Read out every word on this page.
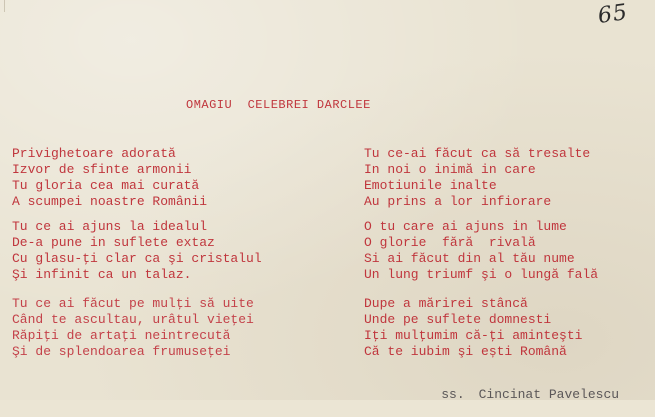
65
OMAGIU  CELEBREI DARCLEE
Privighetoare adorată
Izvor de sfinte armonii
Tu gloria cea mai curată
A scumpei noastre Românii
Tu ce-ai făcut ca să tresalte
In noi o inimă in care
Emotiunile inalte
Au prins a lor infiorare
Tu ce ai ajuns la idealul
De-a pune in suflete extaz
Cu glasu-ţi clar ca şi cristalul
Şi infinit ca un talaz.
O tu care ai ajuns in lume
O glorie  fără  rivală
Si ai făcut din al tău nume
Un lung triumf şi o lungă fală
Tu ce ai făcut pe mulţi să uite
Când te ascultau, urâtul vieţei
Răpiţi de artaţi neintrecută
Şi de splendoarea frumuseţei
Dupe a mărirei stâncă
Unde pe suflete domnesti
Iţi mulţumim că-ţi aminteşti
Că te iubim şi ești Română

ss. Cincinat Pavelescu
